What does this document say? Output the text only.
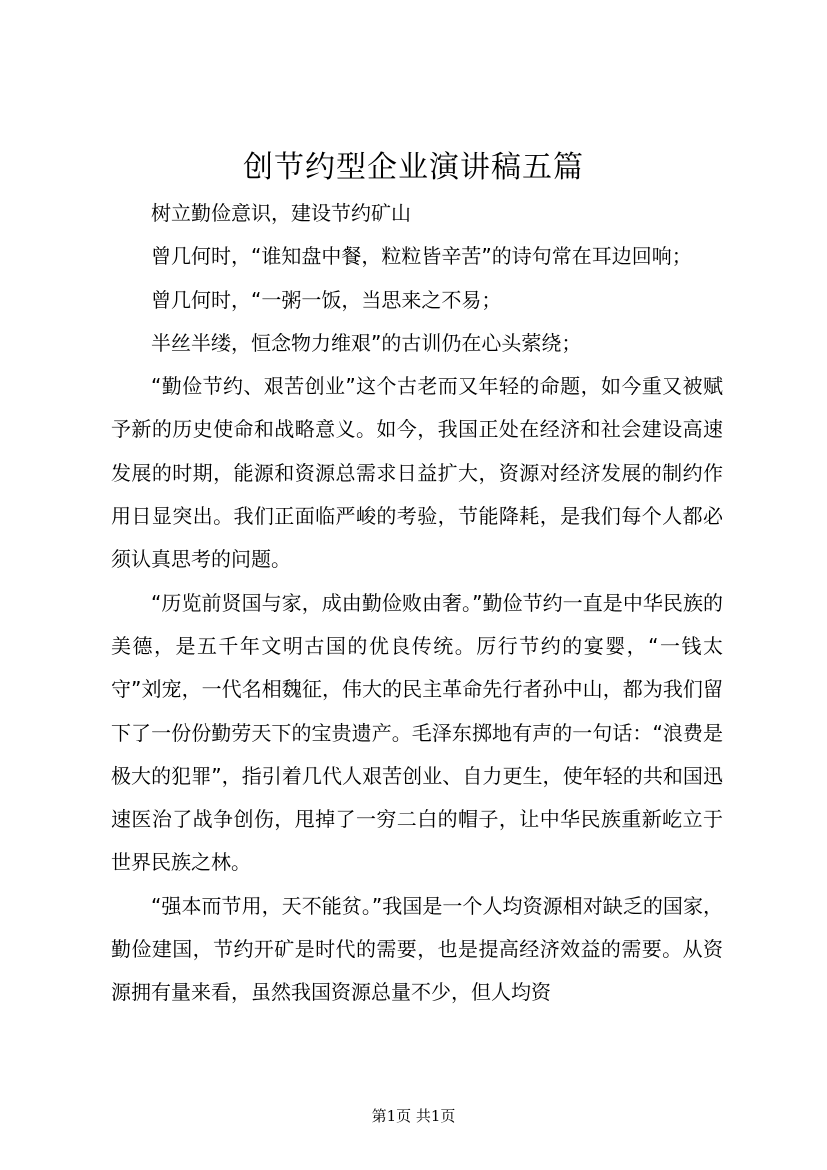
创节约型企业演讲稿五篇

树立勤俭意识，建设节约矿山

曾几何时，“谁知盘中餐，粒粒皆辛苦”的诗句常在耳边回响；

曾几何时，“一粥一饭，当思来之不易；

半丝半缕，恒念物力维艰”的古训仍在心头萦绕；

“勤俭节约、艰苦创业”这个古老而又年轻的命题，如今重又被赋予新的历史使命和战略意义。如今，我国正处在经济和社会建设高速发展的时期，能源和资源总需求日益扩大，资源对经济发展的制约作用日显突出。我们正面临严峻的考验，节能降耗，是我们每个人都必须认真思考的问题。

“历览前贤国与家，成由勤俭败由奢。”勤俭节约一直是中华民族的美德，是五千年文明古国的优良传统。厉行节约的宴婴，“一钱太守”刘宠，一代名相魏征，伟大的民主革命先行者孙中山，都为我们留下了一份份勤劳天下的宝贵遗产。毛泽东掷地有声的一句话：“浪费是极大的犯罪”，指引着几代人艰苦创业、自力更生，使年轻的共和国迅速医治了战争创伤，甩掉了一穷二白的帽子，让中华民族重新屹立于世界民族之林。

“强本而节用，天不能贫。”我国是一个人均资源相对缺乏的国家，勤俭建国，节约开矿是时代的需要，也是提高经济效益的需要。从资源拥有量来看，虽然我国资源总量不少，但人均资

第1页 共1页
